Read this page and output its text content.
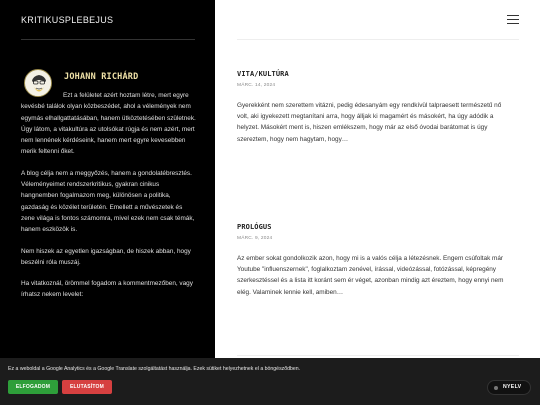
KRITIKUSPLEBEJUS
JOHANN RICHÁRD

Ezt a felületet azért hoztam létre, mert egyre kevésbé találok olyan közbeszédet, ahol a vélemények nem egymás elhallgattatásában, hanem ütköztetésében születnek. Úgy látom, a vitakultúra az utolsókat rúgja és nem azért, mert nem lennének kérdéseink, hanem mert egyre kevesebben merik feltenni őket.

A blog célja nem a meggyőzés, hanem a gondolatébresztés. Véleményeimet rendszerkritikus, gyakran cinikus hangnemben fogalmazom meg, különösen a politika, gazdaság és közélet területén. Emellett a művészetek és zene világa is fontos számomra, mivel ezek nem csak témák, hanem eszközök is.

Nem hiszek az egyetlen igazságban, de hiszek abban, hogy beszélni róla muszáj.

Ha vitatkoznál, örömmel fogadom a kommentmezőben, vagy írhatsz nekem levelet:

VITA/KULTÚRA
MÁRC. 14, 2024
Gyerekként nem szerettem vitázni, pedig édesanyám egy rendkívül talpraesett természetű nő volt, aki igyekezett megtanítani arra, hogy álljak ki magamért és másokért, ha úgy adódik a helyzet. Másokért ment is, hiszen emlékszem, hogy már az első óvodai barátomat is úgy szereztem, hogy nem hagytam, hogy…
PROLÓGUS
MÁRC. 9, 2024
Az ember sokat gondolkozik azon, hogy mi is a valós célja a létezésnek. Engem csúfoltak már Youtube "influenszernek", foglalkoztam zenével, írással, videózással, fotózással, képregény szerkesztéssel és a lista itt koránt sem ér véget, azonban mindig azt éreztem, hogy ennyi nem elég. Valaminek lennie kell, amiben…
Ez a weboldal a Google Analytics és a Google Translate szolgáltatást használja. Ezek sütiket helyezhetnek el a böngésződben.
ELFOGADOM	ELUTASÍTOM	NYELV
